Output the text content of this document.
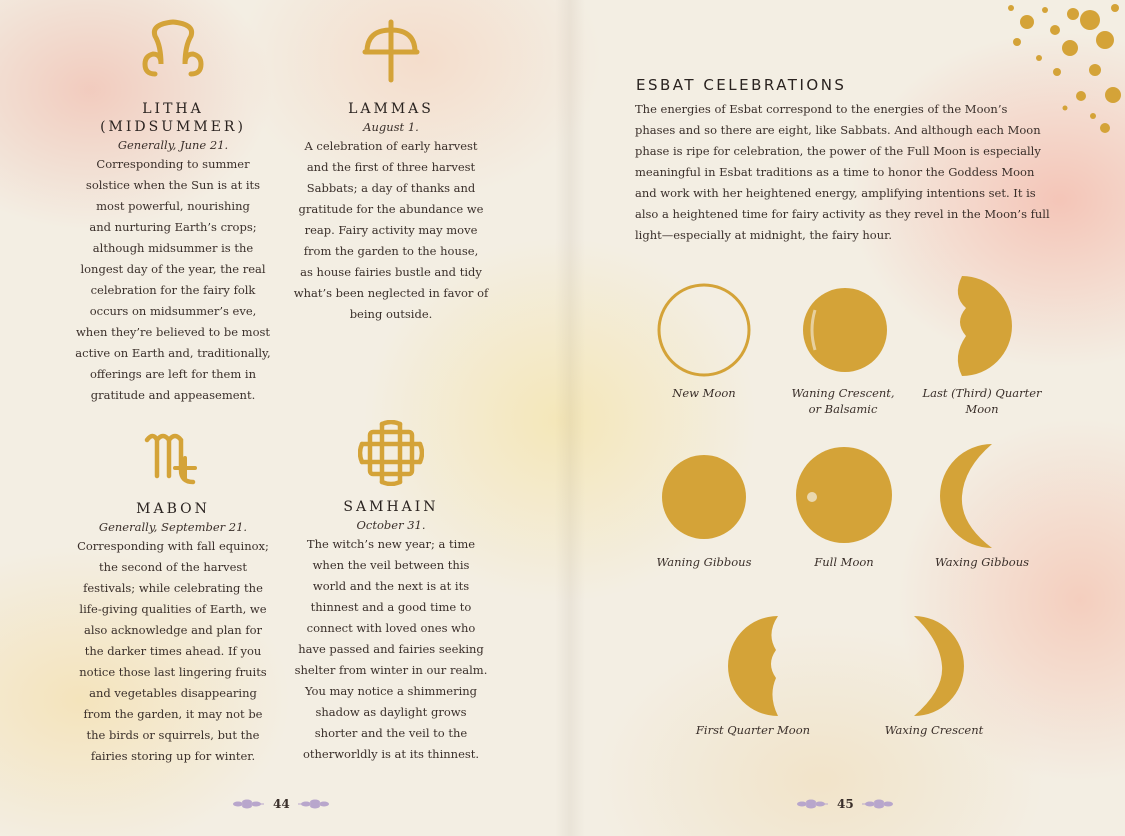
LITHA (MIDSUMMER)

Generally, June 21.
Corresponding to summer
solstice when the Sun is at its
most powerful, nourishing
and nurturing Earth’s crops;
although midsummer is the
longest day of the year, the real
celebration for the fairy folk
occurs on midsummer’s eve,
when they’re believed to be most
active on Earth and, traditionally,
offerings are left for them in
gratitude and appeasement.

LAMMAS

August 1.
A celebration of early harvest
and the first of three harvest
Sabbats; a day of thanks and
gratitude for the abundance we
reap. Fairy activity may move
from the garden to the house,
as house fairies bustle and tidy
what’s been neglected in favor of
being outside.

MABON

Generally, September 21.
Corresponding with fall equinox;
the second of the harvest
festivals; while celebrating the
life-giving qualities of Earth, we
also acknowledge and plan for
the darker times ahead. If you
notice those last lingering fruits
and vegetables disappearing
from the garden, it may not be
the birds or squirrels, but the
fairies storing up for winter.

SAMHAIN

October 31.
The witch’s new year; a time
when the veil between this
world and the next is at its
thinnest and a good time to
connect with loved ones who
have passed and fairies seeking
shelter from winter in our realm.
You may notice a shimmering
shadow as daylight grows
shorter and the veil to the
otherworldly is at its thinnest.
44
ESBAT CELEBRATIONS
The energies of Esbat correspond to the energies of the Moon’s
phases and so there are eight, like Sabbats. And although each Moon
phase is ripe for celebration, the power of the Full Moon is especially
meaningful in Esbat traditions as a time to honor the Goddess Moon
and work with her heightened energy, amplifying intentions set. It is
also a heightened time for fairy activity as they revel in the Moon’s full
light—especially at midnight, the fairy hour.
New Moon	Waning Crescent,
or Balsamic
Last (Third) Quarter
Moon
Waning Gibbous	Full Moon	Waxing Gibbous
First Quarter Moon	Waxing Crescent
45
